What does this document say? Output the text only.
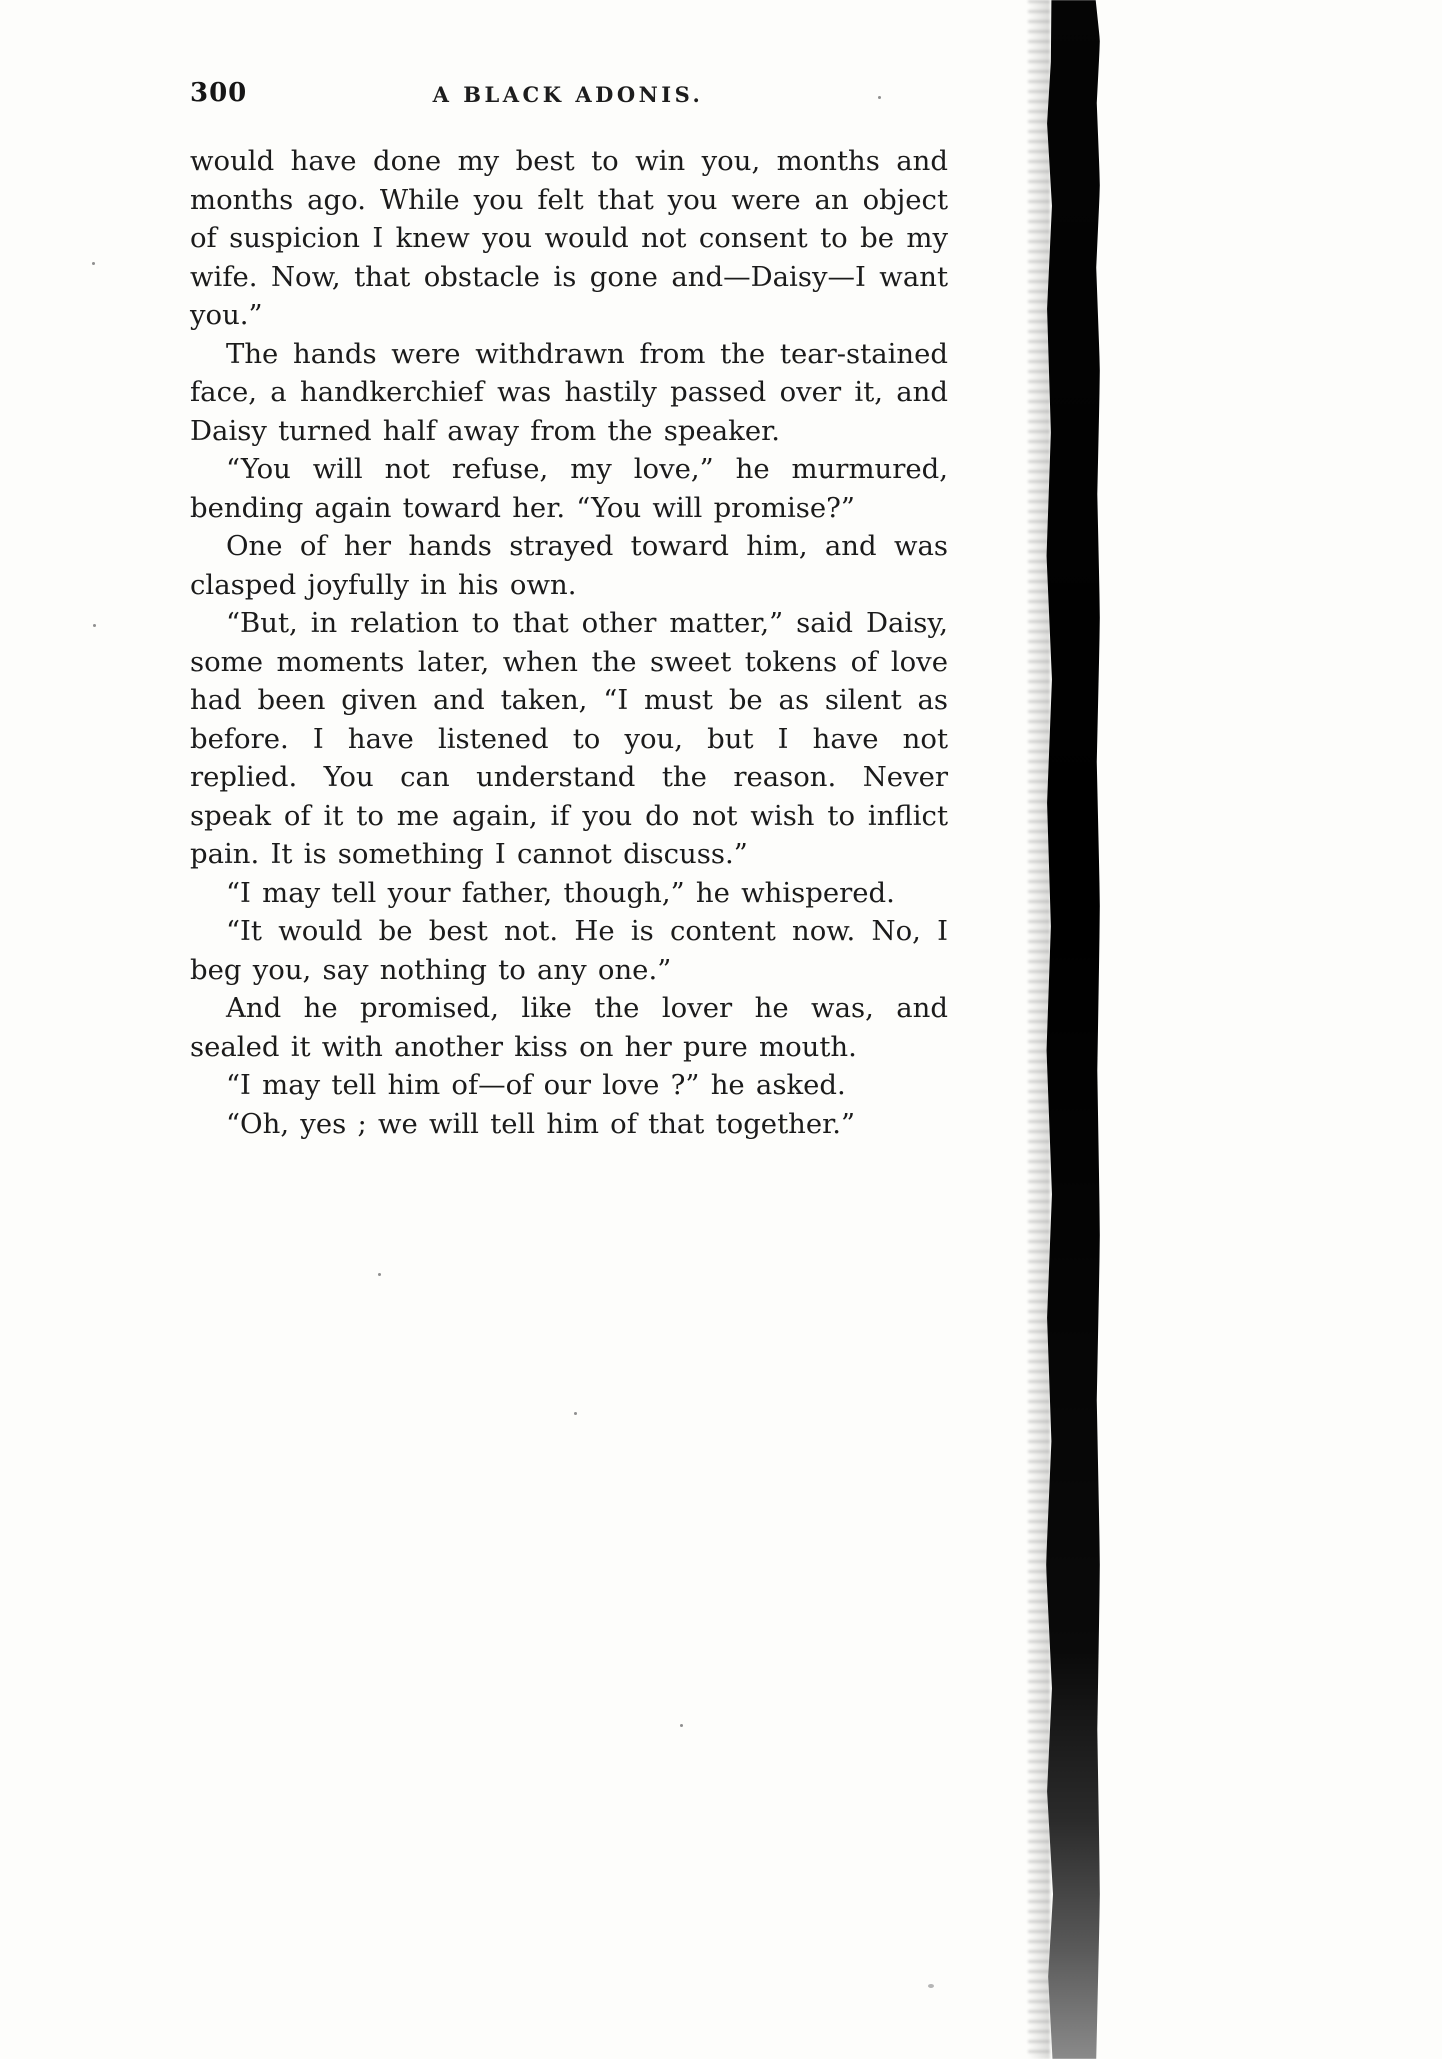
300	A BLACK ADONIS.

would have done my best to win you, months and months ago. While you felt that you were an object of suspicion I knew you would not consent to be my wife. Now, that obstacle is gone and—Daisy—I want you.”

The hands were withdrawn from the tear-stained face, a handkerchief was hastily passed over it, and Daisy turned half away from the speaker.

“You will not refuse, my love,” he murmured, bending again toward her. “You will promise?”

One of her hands strayed toward him, and was clasped joyfully in his own.

“But, in relation to that other matter,” said Daisy, some moments later, when the sweet tokens of love had been given and taken, “I must be as silent as before. I have listened to you, but I have not replied. You can understand the reason. Never speak of it to me again, if you do not wish to inflict pain. It is something I cannot discuss.”

“I may tell your father, though,” he whispered.

“It would be best not. He is content now. No, I beg you, say nothing to any one.”

And he promised, like the lover he was, and sealed it with another kiss on her pure mouth.

“I may tell him of—of our love ?” he asked.

“Oh, yes ; we will tell him of that together.”
